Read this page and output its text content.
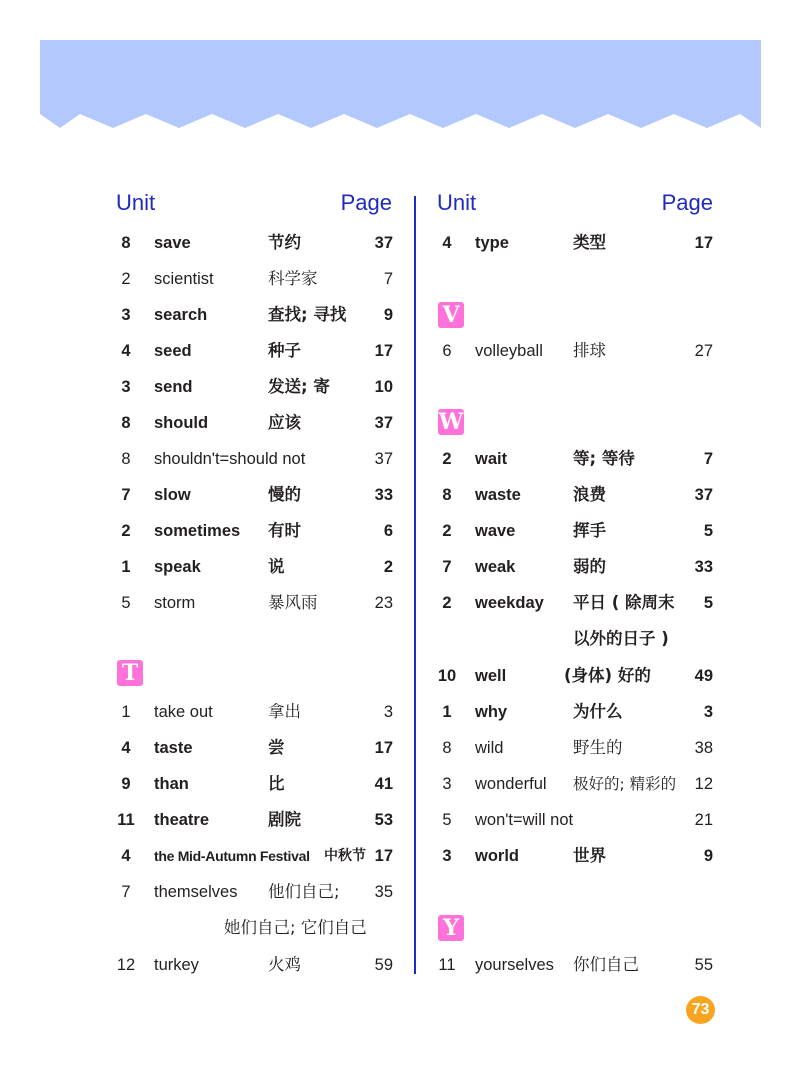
Unit	Page Unit	Page
8	save	节约	37
2	scientist	科学家	7
3	search	查找; 寻找	9
4	seed	种子	17
3	send	发送; 寄	10
8	should	应该	37
8	shouldn't=should not	37
7	slow	慢的	33
2	sometimes 有时	6
1	speak	说	2
5	storm	暴风雨	23
T
1	take out	拿出	3
4	taste	尝	17
9	than	比	41
11	theatre	剧院	53
4	the Mid-Autumn Festival 中秋节 17
7	themselves 他们自己;	35
她们自己; 它们自己
12	turkey	火鸡	59
4	type	类型	17
V
6	volleyball 排球	27
W
2	wait	等; 等待	7
8	waste	浪费	37
2	wave	挥手	5
7	weak	弱的	33
2	weekday 平日 ( 除周末	5
以外的日子 )
10	well	(身体) 好的	49
1	why	为什么	3
8	wild	野生的	38
3	wonderful 极好的; 精彩的	12
5	won't=will not	21
3	world	世界	9
Y
11	yourselves 你们自己	55
73
